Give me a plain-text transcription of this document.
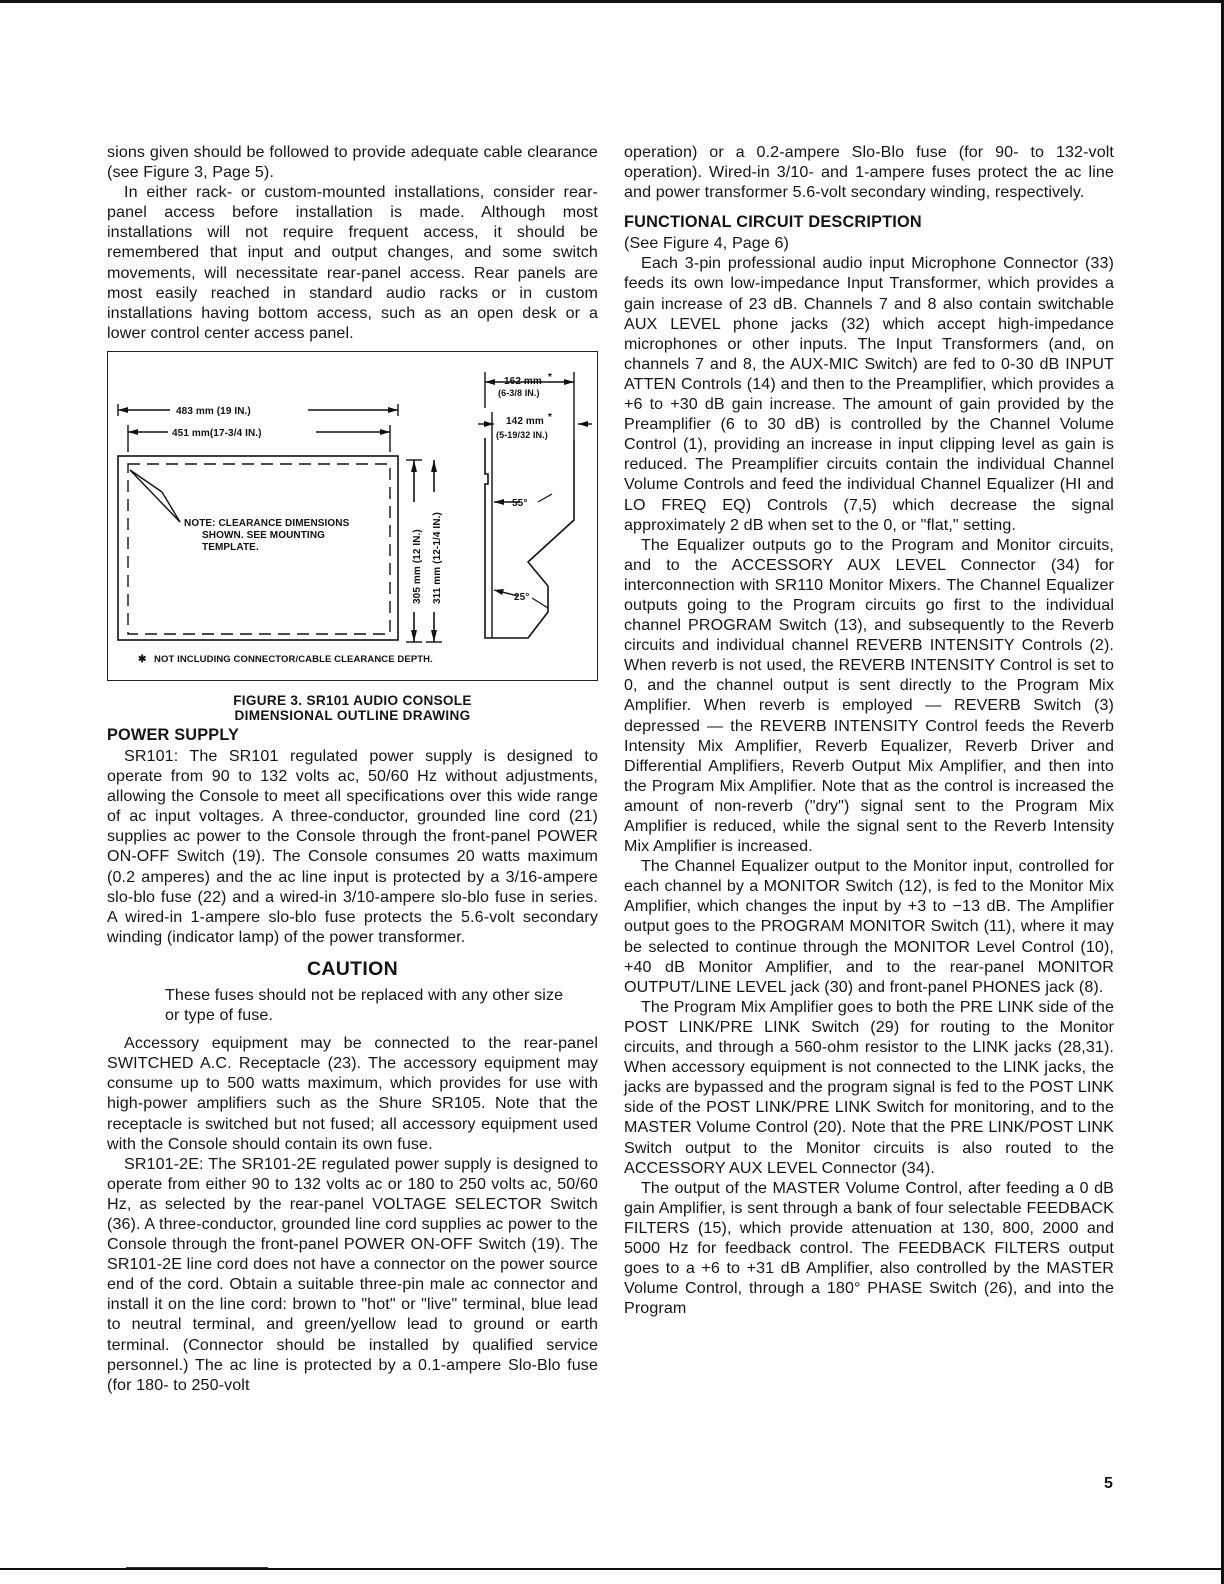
sions given should be followed to provide adequate cable clearance (see Figure 3, Page 5).

In either rack- or custom-mounted installations, consider rear-panel access before installation is made. Although most installations will not require frequent access, it should be remembered that input and output changes, and some switch movements, will necessitate rear-panel access. Rear panels are most easily reached in standard audio racks or in custom installations having bottom access, such as an open desk or a lower control center access panel.

483 mm (19 IN.)
451 mm(17-3/4 IN.)
NOTE: CLEARANCE DIMENSIONS
SHOWN. SEE MOUNTING
TEMPLATE.	305 mm (12 IN.) 311 mm (12-1/4 IN.)
162 mm *
(6-3/8 IN.)
142 mm *
(5-19/32 IN.)
55°
25°
✱ NOT INCLUDING CONNECTOR/CABLE CLEARANCE DEPTH.
FIGURE 3. SR101 AUDIO CONSOLE
DIMENSIONAL OUTLINE DRAWING
POWER SUPPLY

SR101: The SR101 regulated power supply is designed to operate from 90 to 132 volts ac, 50/60 Hz without adjustments, allowing the Console to meet all specifications over this wide range of ac input voltages. A three-conductor, grounded line cord (21) supplies ac power to the Console through the front-panel POWER ON-OFF Switch (19). The Console consumes 20 watts maximum (0.2 amperes) and the ac line input is protected by a 3/16-ampere slo-blo fuse (22) and a wired-in 3/10-ampere slo-blo fuse in series. A wired-in 1-ampere slo-blo fuse protects the 5.6-volt secondary winding (indicator lamp) of the power transformer.

CAUTION
These fuses should not be replaced with any other size or type of fuse.

Accessory equipment may be connected to the rear-panel SWITCHED A.C. Receptacle (23). The accessory equipment may consume up to 500 watts maximum, which provides for use with high-power amplifiers such as the Shure SR105. Note that the receptacle is switched but not fused; all accessory equipment used with the Console should contain its own fuse.

SR101-2E: The SR101-2E regulated power supply is designed to operate from either 90 to 132 volts ac or 180 to 250 volts ac, 50/60 Hz, as selected by the rear-panel VOLTAGE SELECTOR Switch (36). A three-conductor, grounded line cord supplies ac power to the Console through the front-panel POWER ON-OFF Switch (19). The SR101-2E line cord does not have a connector on the power source end of the cord. Obtain a suitable three-pin male ac connector and install it on the line cord: brown to "hot" or "live" terminal, blue lead to neutral terminal, and green/yellow lead to ground or earth terminal. (Connector should be installed by qualified service personnel.) The ac line is protected by a 0.1-ampere Slo-Blo fuse (for 180- to 250-volt

operation) or a 0.2-ampere Slo-Blo fuse (for 90- to 132-volt operation). Wired-in 3/10- and 1-ampere fuses protect the ac line and power transformer 5.6-volt secondary winding, respectively.

FUNCTIONAL CIRCUIT DESCRIPTION
(See Figure 4, Page 6)

Each 3-pin professional audio input Microphone Connector (33) feeds its own low-impedance Input Transformer, which provides a gain increase of 23 dB. Channels 7 and 8 also contain switchable AUX LEVEL phone jacks (32) which accept high-impedance microphones or other inputs. The Input Transformers (and, on channels 7 and 8, the AUX-MIC Switch) are fed to 0-30 dB INPUT ATTEN Controls (14) and then to the Preamplifier, which provides a +6 to +30 dB gain increase. The amount of gain provided by the Preamplifier (6 to 30 dB) is controlled by the Channel Volume Control (1), providing an increase in input clipping level as gain is reduced. The Preamplifier circuits contain the individual Channel Volume Controls and feed the individual Channel Equalizer (HI and LO FREQ EQ) Controls (7,5) which decrease the signal approximately 2 dB when set to the 0, or "flat," setting.

The Equalizer outputs go to the Program and Monitor circuits, and to the ACCESSORY AUX LEVEL Connector (34) for interconnection with SR110 Monitor Mixers. The Channel Equalizer outputs going to the Program circuits go first to the individual channel PROGRAM Switch (13), and subsequently to the Reverb circuits and individual channel REVERB INTENSITY Controls (2). When reverb is not used, the REVERB INTENSITY Control is set to 0, and the channel output is sent directly to the Program Mix Amplifier. When reverb is employed — REVERB Switch (3) depressed — the REVERB INTENSITY Control feeds the Reverb Intensity Mix Amplifier, Reverb Equalizer, Reverb Driver and Differential Amplifiers, Reverb Output Mix Amplifier, and then into the Program Mix Amplifier. Note that as the control is increased the amount of non-reverb ("dry") signal sent to the Program Mix Amplifier is reduced, while the signal sent to the Reverb Intensity Mix Amplifier is increased.

The Channel Equalizer output to the Monitor input, controlled for each channel by a MONITOR Switch (12), is fed to the Monitor Mix Amplifier, which changes the input by +3 to −13 dB. The Amplifier output goes to the PROGRAM MONITOR Switch (11), where it may be selected to continue through the MONITOR Level Control (10), +40 dB Monitor Amplifier, and to the rear-panel MONITOR OUTPUT/LINE LEVEL jack (30) and front-panel PHONES jack (8).

The Program Mix Amplifier goes to both the PRE LINK side of the POST LINK/PRE LINK Switch (29) for routing to the Monitor circuits, and through a 560-ohm resistor to the LINK jacks (28,31). When accessory equipment is not connected to the LINK jacks, the jacks are bypassed and the program signal is fed to the POST LINK side of the POST LINK/PRE LINK Switch for monitoring, and to the MASTER Volume Control (20). Note that the PRE LINK/POST LINK Switch output to the Monitor circuits is also routed to the ACCESSORY AUX LEVEL Connector (34).

The output of the MASTER Volume Control, after feeding a 0 dB gain Amplifier, is sent through a bank of four selectable FEEDBACK FILTERS (15), which provide attenuation at 130, 800, 2000 and 5000 Hz for feedback control. The FEEDBACK FILTERS output goes to a +6 to +31 dB Amplifier, also controlled by the MASTER Volume Control, through a 180° PHASE Switch (26), and into the Program

5
